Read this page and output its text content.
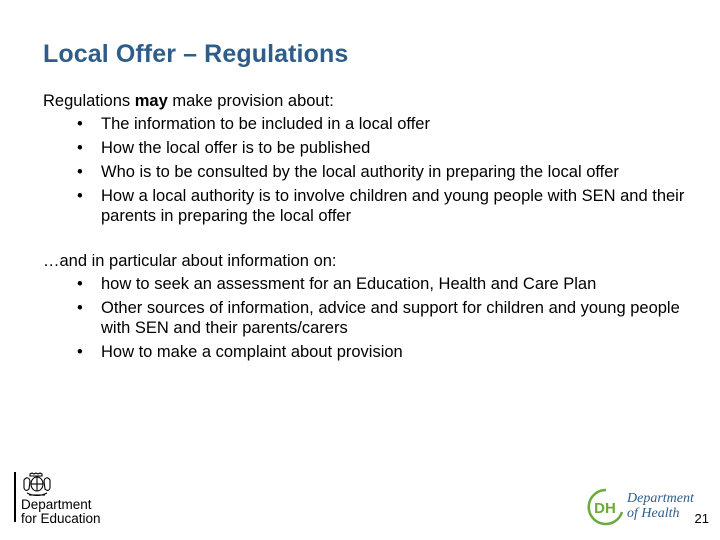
Local Offer – Regulations

Regulations may make provision about:

• The information to be included in a local offer
• How the local offer is to be published
• Who is to be consulted by the local authority in preparing the local offer
• How a local authority is to involve children and young people with SEN and their parents in preparing the local offer

…and in particular about information on:

• how to seek an assessment for an Education, Health and Care Plan
• Other sources of information, advice and support for children and young people with SEN and their parents/carers
• How to make a complaint about provision
Department
for Education
DH
Department
of Health	21
